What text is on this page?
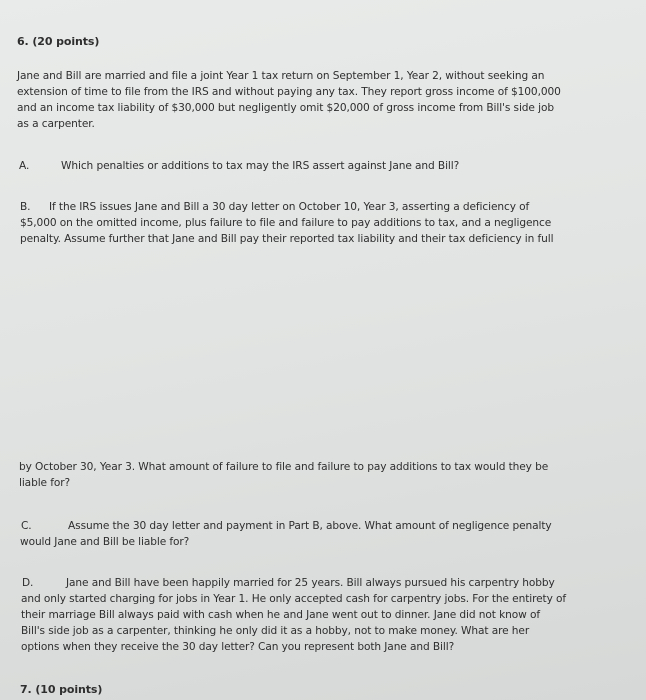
6. (20 points)
Jane and Bill are married and file a joint Year 1 tax return on September 1, Year 2, without seeking an
extension of time to file from the IRS and without paying any tax. They report gross income of $100,000
and an income tax liability of $30,000 but negligently omit $20,000 of gross income from Bill's side job
as a carpenter.
A.	Which penalties or additions to tax may the IRS assert against Jane and Bill?
B. If the IRS issues Jane and Bill a 30 day letter on October 10, Year 3, asserting a deficiency of
$5,000 on the omitted income, plus failure to file and failure to pay additions to tax, and a negligence
penalty. Assume further that Jane and Bill pay their reported tax liability and their tax deficiency in full
by October 30, Year 3. What amount of failure to file and failure to pay additions to tax would they be
liable for?
C.	Assume the 30 day letter and payment in Part B, above. What amount of negligence penalty
would Jane and Bill be liable for?
D.	Jane and Bill have been happily married for 25 years. Bill always pursued his carpentry hobby
and only started charging for jobs in Year 1. He only accepted cash for carpentry jobs. For the entirety of
their marriage Bill always paid with cash when he and Jane went out to dinner. Jane did not know of
Bill's side job as a carpenter, thinking he only did it as a hobby, not to make money. What are her
options when they receive the 30 day letter? Can you represent both Jane and Bill?
7. (10 points)
